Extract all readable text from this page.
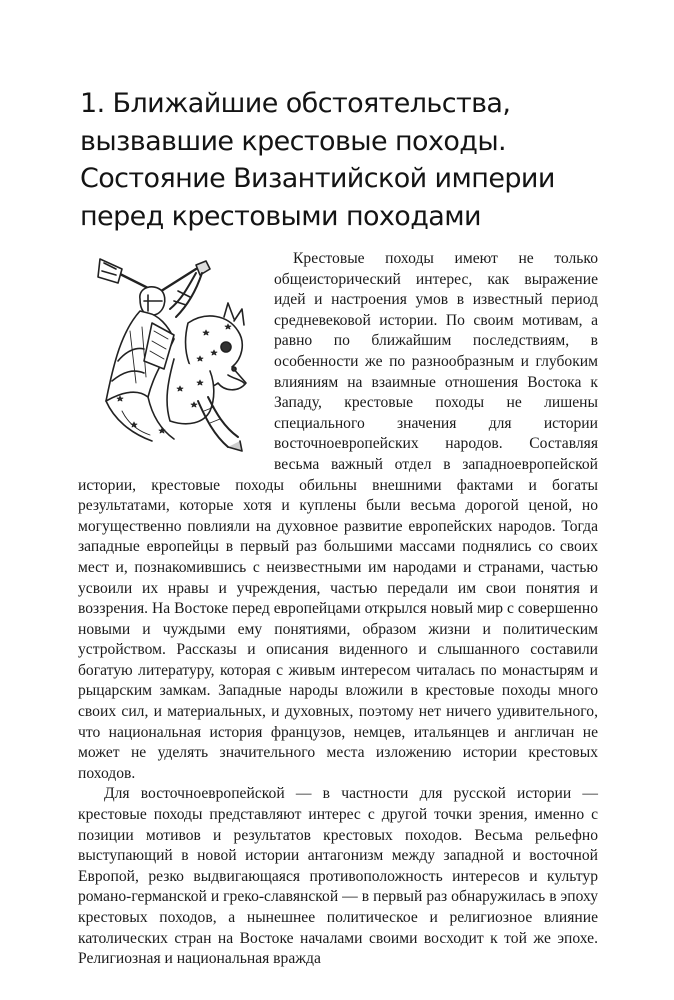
1. Ближайшие обстоятельства,
вызвавшие крестовые походы.
Состояние Византийской империи
перед крестовыми походами

Крестовые походы имеют не только общеисторический интерес, как выражение идей и настроения умов в известный период средневековой истории. По своим мотивам, а равно по ближайшим последствиям, в особенности же по разнообразным и глубоким влияниям на взаимные отношения Востока к Западу, крестовые походы не лишены специального значения для истории восточноевропейских народов. Составляя весьма важный отдел в западноевропейской истории, крестовые походы обильны внешними фактами и богаты результатами, которые хотя и куплены были весьма дорогой ценой, но могущественно повлияли на духовное развитие европейских народов. Тогда западные европейцы в первый раз большими массами поднялись со своих мест и, познакомившись с неизвестными им народами и странами, частью усвоили их нравы и учреждения, частью передали им свои понятия и воззрения. На Востоке перед европейцами открылся новый мир с совершенно новыми и чуждыми ему понятиями, образом жизни и политическим устройством. Рассказы и описания виденного и слышанного составили богатую литературу, которая с живым интересом читалась по монастырям и рыцарским замкам. Западные народы вложили в крестовые походы много своих сил, и материальных, и духовных, поэтому нет ничего удивительного, что национальная история французов, немцев, итальянцев и англичан не может не уделять значительного места изложению истории крестовых походов.

Для восточноевропейской — в частности для русской истории — крестовые походы представляют интерес с другой точки зрения, именно с позиции мотивов и результатов крестовых походов. Весьма рельефно выступающий в новой истории антагонизм между западной и восточной Европой, резко выдвигающаяся противоположность интересов и культур романо-германской и греко-славянской — в первый раз обнаружилась в эпоху крестовых походов, а нынешнее политическое и религиозное влияние католических стран на Востоке началами своими восходит к той же эпохе. Религиозная и национальная вражда
